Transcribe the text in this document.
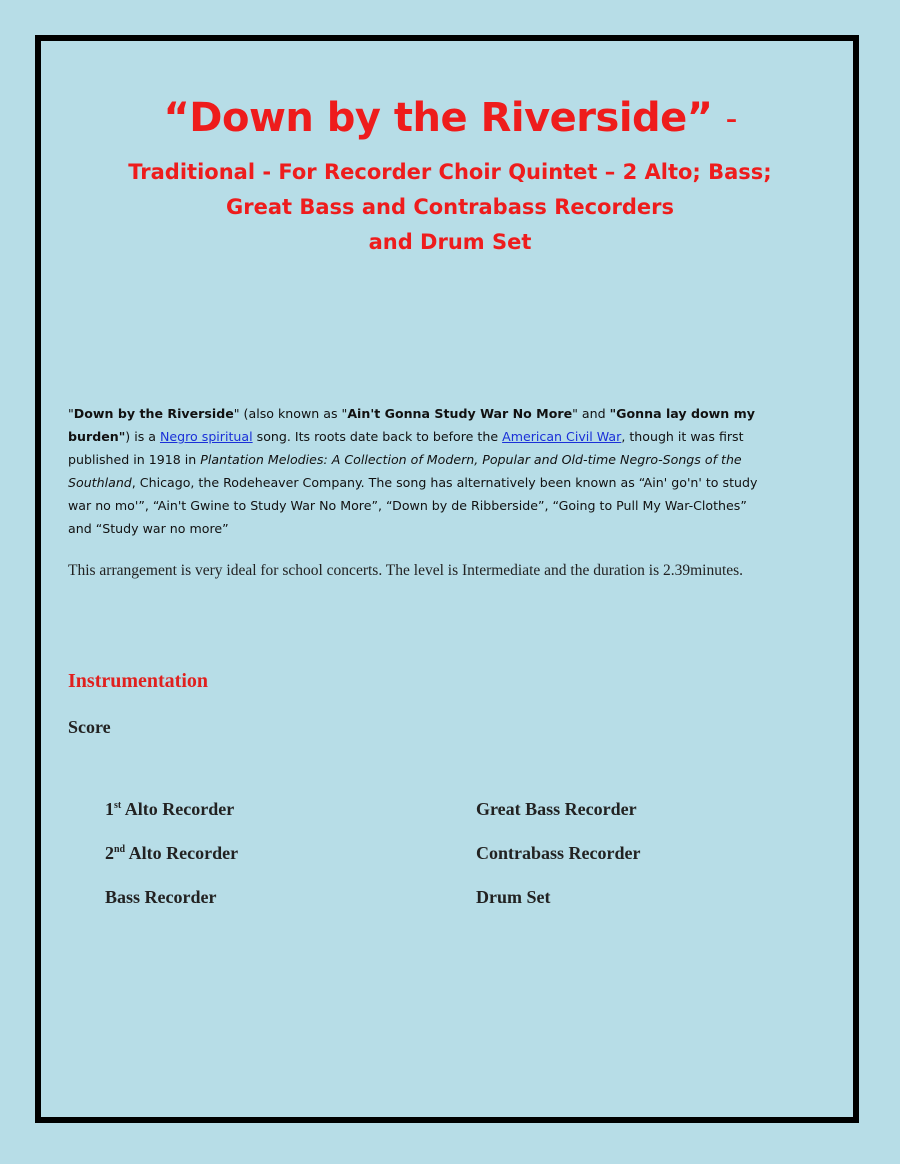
“Down by the Riverside” –
Traditional - For Recorder Choir Quintet – 2 Alto; Bass;
Great Bass and Contrabass Recorders
and Drum Set
"Down by the Riverside" (also known as "Ain't Gonna Study War No More" and "Gonna lay down my burden") is a Negro spiritual song. Its roots date back to before the American Civil War, though it was first published in 1918 in Plantation Melodies: A Collection of Modern, Popular and Old-time Negro-Songs of the Southland, Chicago, the Rodeheaver Company. The song has alternatively been known as “Ain' go'n' to study war no mo'”, “Ain't Gwine to Study War No More”, “Down by de Ribberside”, “Going to Pull My War-Clothes” and “Study war no more”
This arrangement is very ideal for school concerts. The level is Intermediate and the duration is 2.39minutes.
Instrumentation
Score
1st Alto Recorder
2nd Alto Recorder
Bass Recorder
Great Bass Recorder
Contrabass Recorder
Drum Set
